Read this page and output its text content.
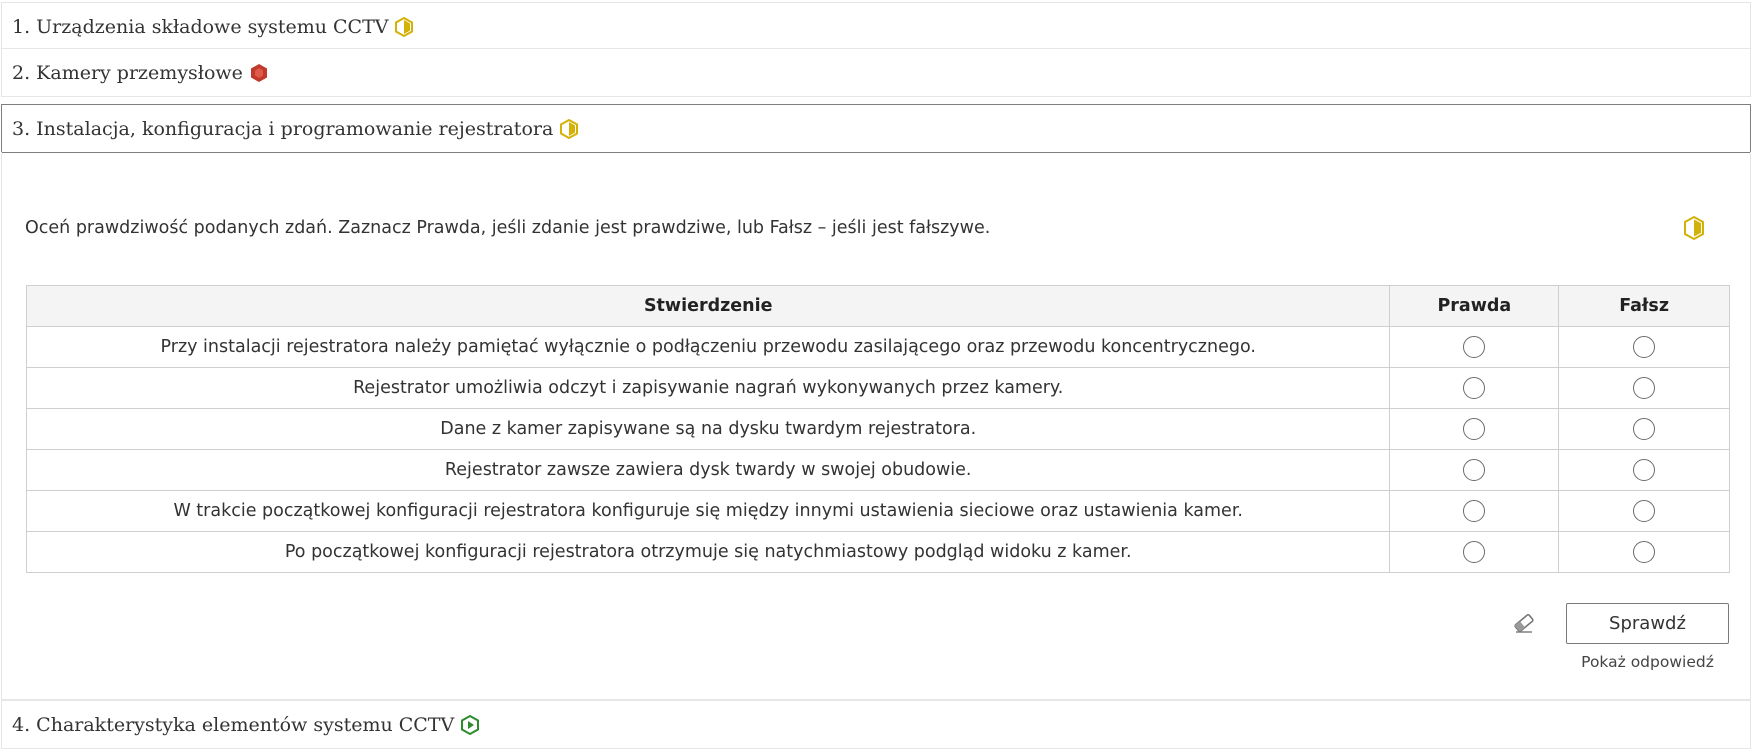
1. Urządzenia składowe systemu CCTV
2. Kamery przemysłowe
3. Instalacja, konfiguracja i programowanie rejestratora
Oceń prawdziwość podanych zdań. Zaznacz Prawda, jeśli zdanie jest prawdziwe, lub Fałsz – jeśli jest fałszywe.
Stwierdzenie	Prawda	Fałsz
Przy instalacji rejestratora należy pamiętać wyłącznie o podłączeniu przewodu zasilającego oraz przewodu koncentrycznego.		
Rejestrator umożliwia odczyt i zapisywanie nagrań wykonywanych przez kamery.		
Dane z kamer zapisywane są na dysku twardym rejestratora.		
Rejestrator zawsze zawiera dysk twardy w swojej obudowie.		
W trakcie początkowej konfiguracji rejestratora konfiguruje się między innymi ustawienia sieciowe oraz ustawienia kamer.		
Po początkowej konfiguracji rejestratora otrzymuje się natychmiastowy podgląd widoku z kamer.		
Sprawdź
Pokaż odpowiedź
4. Charakterystyka elementów systemu CCTV
